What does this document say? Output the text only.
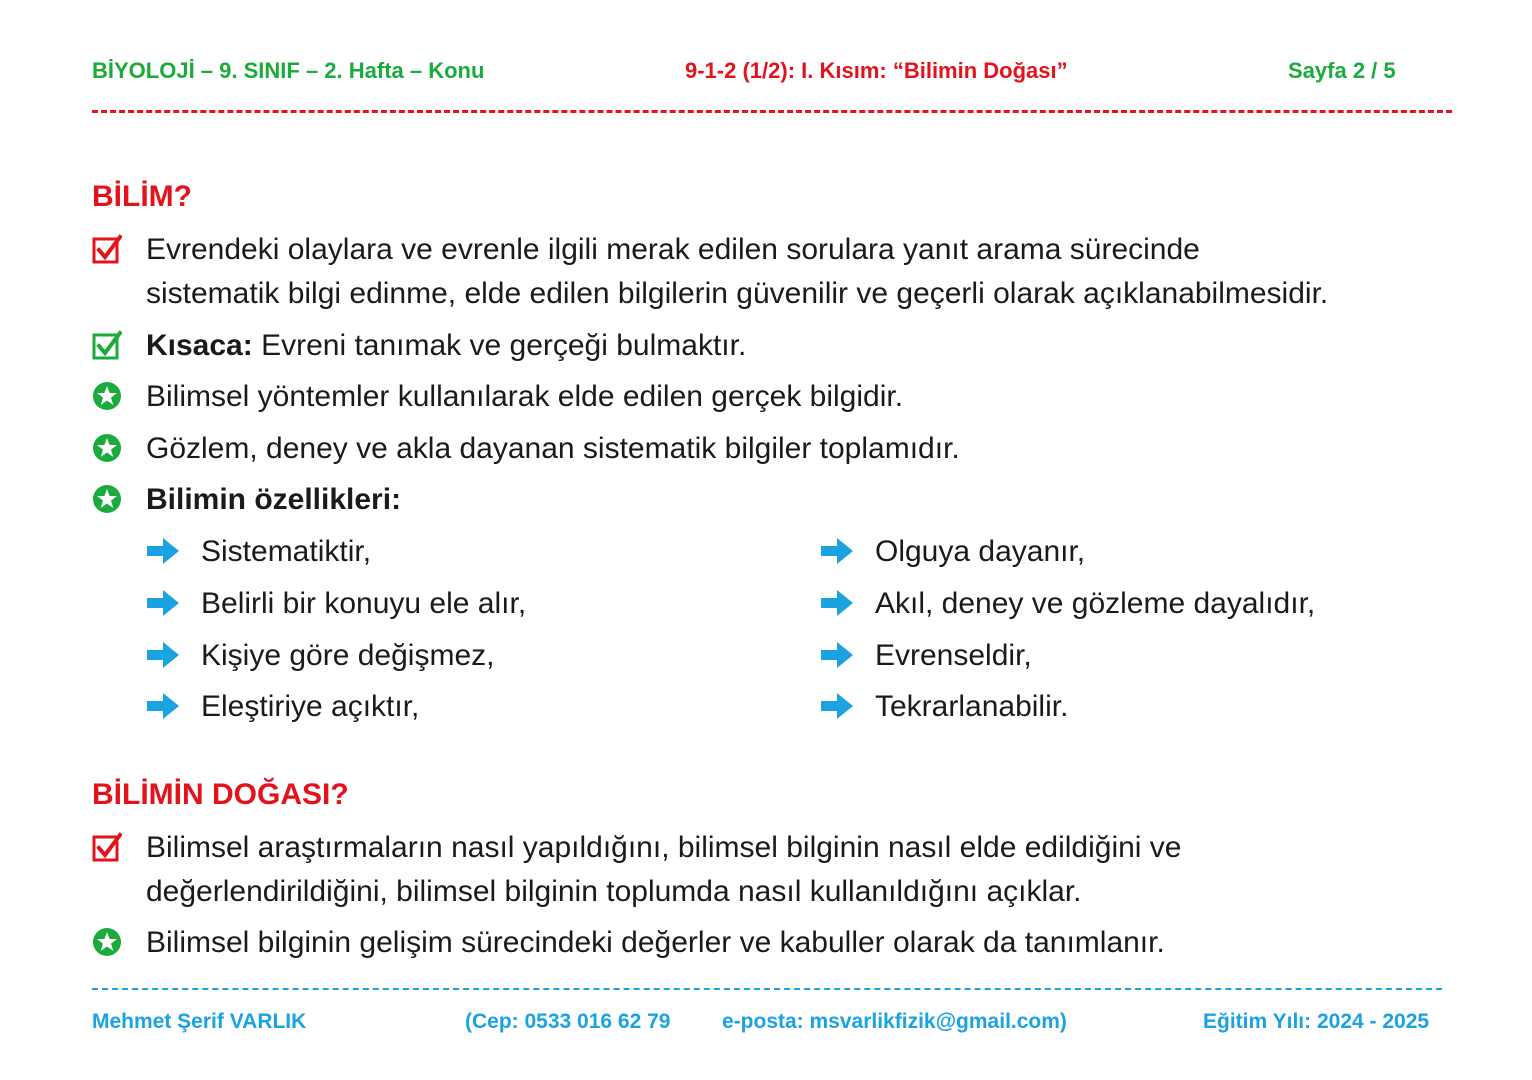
BİYOLOJİ – 9. SINIF – 2. Hafta – Konu	9-1-2 (1/2): I. Kısım: “Bilimin Doğası”	Sayfa 2 / 5
BİLİM?
Evrendeki olaylara ve evrenle ilgili merak edilen sorulara yanıt arama sürecinde
sistematik bilgi edinme, elde edilen bilgilerin güvenilir ve geçerli olarak açıklanabilmesidir.
Kısaca: Evreni tanımak ve gerçeği bulmaktır.
Bilimsel yöntemler kullanılarak elde edilen gerçek bilgidir.
Gözlem, deney ve akla dayanan sistematik bilgiler toplamıdır.
Bilimin özellikleri:
Sistematiktir,
Belirli bir konuyu ele alır,
Kişiye göre değişmez,
Eleştiriye açıktır,
Olguya dayanır,
Akıl, deney ve gözleme dayalıdır,
Evrenseldir,
Tekrarlanabilir.
BİLİMİN DOĞASI?
Bilimsel araştırmaların nasıl yapıldığını, bilimsel bilginin nasıl elde edildiğini ve
değerlendirildiğini, bilimsel bilginin toplumda nasıl kullanıldığını açıklar.
Bilimsel bilginin gelişim sürecindeki değerler ve kabuller olarak da tanımlanır.
Mehmet Şerif VARLIK	(Cep: 0533 016 62 79 e-posta: msvarlikfizik@gmail.com)	Eğitim Yılı: 2024 - 2025
